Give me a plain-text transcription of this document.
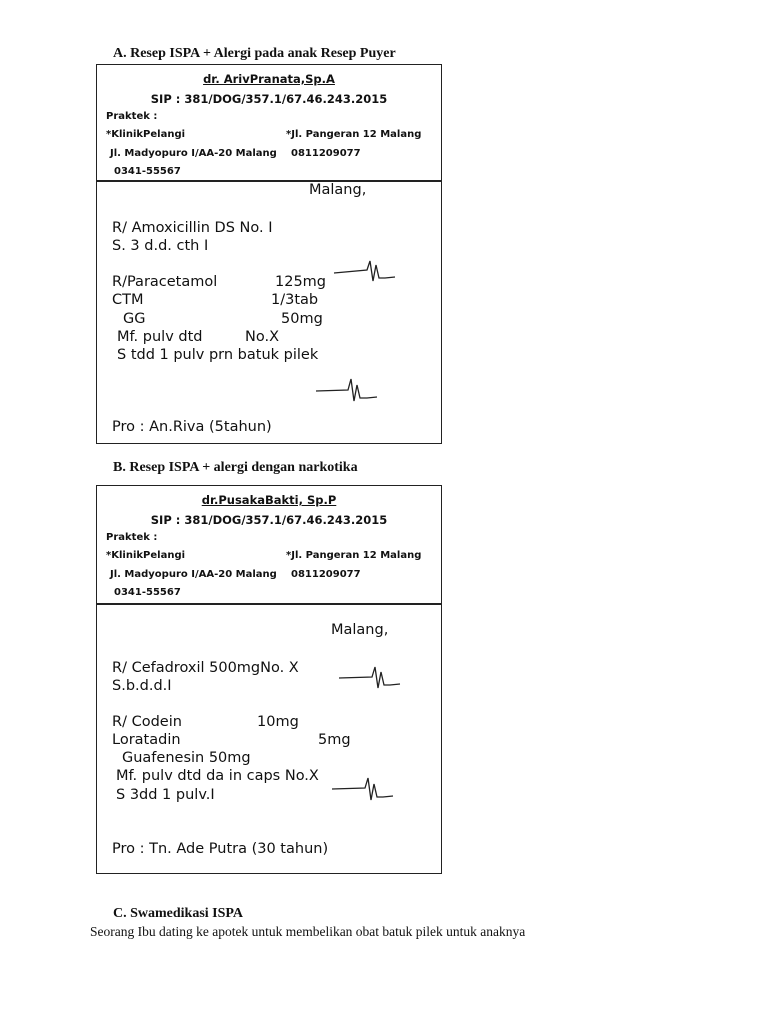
A. Resep ISPA + Alergi pada anak Resep Puyer
dr. ArivPranata,Sp.A
SIP : 381/DOG/357.1/67.46.243.2015
Praktek :
*KlinikPelangi
Jl. Madyopuro I/AA-20 Malang
0341-55567
*Jl. Pangeran 12 Malang
0811209077
Malang,
R/ Amoxicillin DS No. I
S. 3 d.d. cth I
R/Paracetamol	125mg
CTM	1/3tab
GG	50mg
Mf. pulv dtd	No.X
S tdd 1 pulv prn batuk pilek
Pro : An.Riva (5tahun)
B. Resep ISPA + alergi dengan narkotika
dr.PusakaBakti, Sp.P
SIP : 381/DOG/357.1/67.46.243.2015
Praktek :
*KlinikPelangi
Jl. Madyopuro I/AA-20 Malang
0341-55567
*Jl. Pangeran 12 Malang
0811209077
Malang,
R/ Cefadroxil 500mgNo. X
S.b.d.d.I
R/ Codein	10mg
Loratadin	5mg
Guafenesin 50mg
Mf. pulv dtd da in caps No.X
S 3dd 1 pulv.I
Pro : Tn. Ade Putra (30 tahun)
C. Swamedikasi ISPA
Seorang Ibu dating ke apotek untuk membelikan obat batuk pilek untuk anaknya
